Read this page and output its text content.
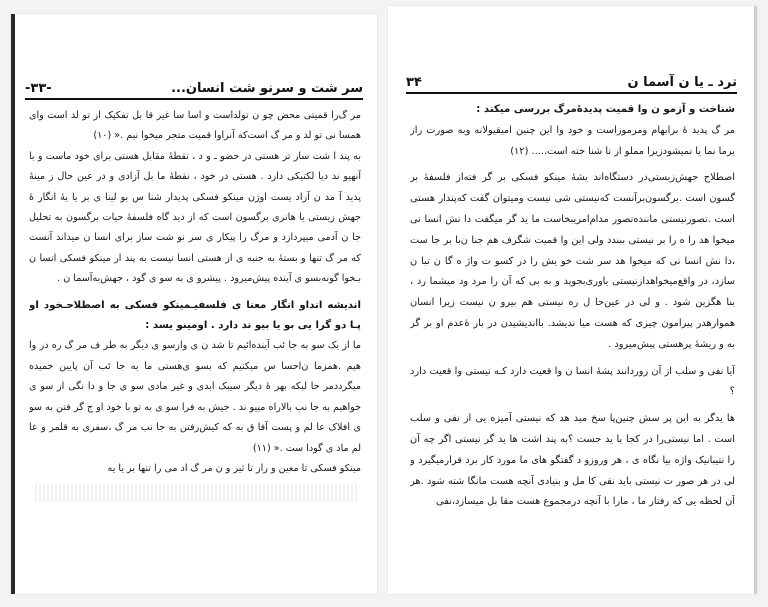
سر شت و سرنو شت انسان...
-۳۳-

مر گ‌را قمیتی محض چو ن تولداست و اسا سا غیر قا بل تفکیک از تو لد است وای همسا نی تو لد و مر گ است‌که آنراوا قمیت متجر میخوا نیم .« (۱۰)

به پند ا شت سار تر هستی در حضو ـ و د ، نقطهٔ مقابل هستی برای خود ماست و با آنهیو ند دیا لکتیکی دارد . هستی در خود ، نقطهٔ ما بل آزادی و در عین حال ز مینهٔ پدید آ مد ن آزاد یست اوژن مینکو فسکی پدیدار شنا س بو لینا ی بر یا یهٔ انگار ۀ جهش زیستی یا هانری برگسون است که از دید گاه فلسفهٔ حیات برگسون به تحلیل جا ن آدمی میپردازد و مرگ را پیکار ی سر نو شت ساز برای انسا ن میداند آنست که مر گ تنها و بستهٔ به جنبه ی از هستی انسا نیست به پند ار مینکو فسکی انسا ن بـخوا گونه‌بسو ی آینده پیش‌میرود . پیشرو ی به سو ی گود ، جهش‌به‌آسما ن .

اندیشه انداو انگار معنا ی فلسفیـمینکو فسکی به اصطلاحـخود او پـا دو گرا یی بو یا بیو ند دارد . اومینو یسد :

ما از یک سو به جا ئب آینده‌ائیم تا شد ن ی وازسو ی دیگر به طر ف مر گ ره در وا هیم .همزما ن‌احسا س میکنیم که بسو ی‌هستی ما به جا ئب آن پایین خمیده میگرددمر حا لیکه بهر ۀ دیگر سیبک ابدی و غیر مادی سو ی جا و دا نگی از سو ی خواهیم به جا نب بالاراه مییو ند . جیش به فرا سو ی به تو با خود او ج گر فتن به سو ی افلاک عا لم و پست آفا ق به که کیش‌رفتن به جا نب مر گ ،سفری به قلمر و عا لم ماد ی گودا ست .« (۱۱)

مینکو فسکی تا معین و راز تا ثیر و ن مر گ اد می را تنها بر یا یه

ترد ـ یا ن آسما ن
۳۴

شناخت و آزمو ن وا قمیت پدیدۀمرگ بررسی میکند :

مر گ پدید ۀ برابهام ومرموزاست و خود وا این چنین امیقیولانه وبه صورت راز برما نما یا نمیشودزیرا مملو از نا شنا خته است..... (۱۲)

اصطلاح جهش‌زیستی‌در دستگاه‌اند یشهٔ مینکو فسکی بر گر فته‌از فلسفهٔ بر گسون است .برگسون‌برآنست که‌نیستی شی نیست ومیتوان گفت که‌پندار هستی است .تصورنیستی ماننده‌تصور مدام‌امریبخاست ما ید گر میگفت دا نش انسا نی میخوا هد را ه را بر نیستی ببندد ولی این وا قمیت شگرف هم جنا ن‌با بر جا ست ،دا نش انسا نی که میخوا هد سر شت خو یش را در کسو ت واژ ه گا ن تبا ن سازد، در واقع‌میخواهدازنیستی یاوری‌بجوید و به بی که آن را مرد ود میشما رد ، بنا هگزین شود . و لی در عین‌حا ل ره نیستی هم بیرو ن نیست زیرا انسان هموارهدر پیرامون چیزی که هست میا ندیشد. بااندیشیدن در بار ۀعدم او بر گر به و ریشهٔ پرهستی پیش‌میرود .

آیا نفی و سلب از آن روردانند پشهٔ انسا ن وا قعیت دارد کـه نیستی وا قعیت دارد ؟

ها یدگر به این پر سش چنین‌پا سخ مید هد که نیستی آمیزه یی از نفی و سلب است . اما نیستی‌را در کجا با ید جست ؟به پند اشت ها ید گر نیستی اگر چه آن را نتیبانیک واژه بیا نگاه ی ، هر وروزو د گفتگو های ما مورد کار برد قرارمیگیرد و لی در هر صور ت نیستی باید نقی کا مل و بنیادی آنچه هست مانگا شته شود .هر آن لحظه یی که رفتار ما ، مارا با آنچه درمجموع هست مقا بل میسازد،نفی
